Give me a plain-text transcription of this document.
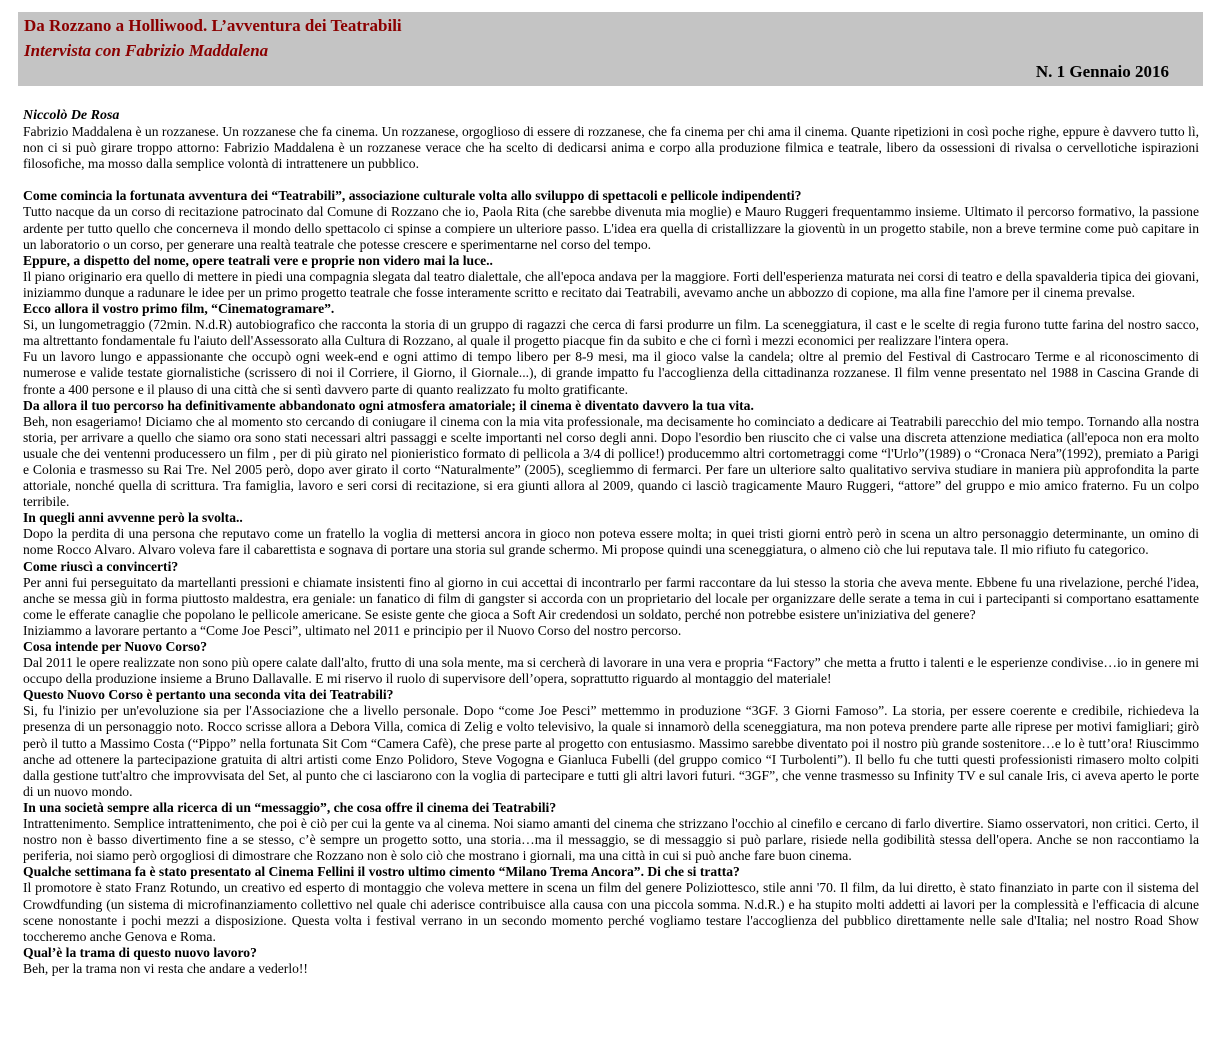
Da Rozzano a Holliwood. L’avventura dei Teatrabili
Intervista con Fabrizio Maddalena
N. 1 Gennaio 2016

Niccolò De Rosa

Fabrizio Maddalena è un rozzanese. Un rozzanese che fa cinema. Un rozzanese, orgoglioso di essere di rozzanese, che fa cinema per chi ama il cinema. Quante ripetizioni in così poche righe, eppure è davvero tutto lì, non ci si può girare troppo attorno: Fabrizio Maddalena è un rozzanese verace che ha scelto di dedicarsi anima e corpo alla produzione filmica e teatrale, libero da ossessioni di rivalsa o cervellotiche ispirazioni filosofiche, ma mosso dalla semplice volontà di intrattenere un pubblico.

Come comincia la fortunata avventura dei “Teatrabili”, associazione culturale volta allo sviluppo di spettacoli e pellicole indipendenti?

Tutto nacque da un corso di recitazione patrocinato dal Comune di Rozzano che io, Paola Rita (che sarebbe divenuta mia moglie) e Mauro Ruggeri frequentammo insieme. Ultimato il percorso formativo, la passione ardente per tutto quello che concerneva il mondo dello spettacolo ci spinse a compiere un ulteriore passo. L'idea era quella di cristallizzare la gioventù in un progetto stabile, non a breve termine come può capitare in un laboratorio o un corso, per generare una realtà teatrale che potesse crescere e sperimentarne nel corso del tempo.

Eppure, a dispetto del nome, opere teatrali vere e proprie non videro mai la luce..

Il piano originario era quello di mettere in piedi una compagnia slegata dal teatro dialettale, che all'epoca andava per la maggiore. Forti dell'esperienza maturata nei corsi di teatro e della spavalderia tipica dei giovani, iniziammo dunque a radunare le idee per un primo progetto teatrale che fosse interamente scritto e recitato dai Teatrabili, avevamo anche un abbozzo di copione, ma alla fine l'amore per il cinema prevalse.

Ecco allora il vostro primo film, “Cinematogramare”.

Si, un lungometraggio (72min. N.d.R) autobiografico che racconta la storia di un gruppo di ragazzi che cerca di farsi produrre un film. La sceneggiatura, il cast e le scelte di regia furono tutte farina del nostro sacco, ma altrettanto fondamentale fu l'aiuto dell'Assessorato alla Cultura di Rozzano, al quale il progetto piacque fin da subito e che ci fornì i mezzi economici per realizzare l'intera opera.

Fu un lavoro lungo e appassionante che occupò ogni week-end e ogni attimo di tempo libero per 8-9 mesi, ma il gioco valse la candela; oltre al premio del Festival di Castrocaro Terme e al riconoscimento di numerose e valide testate giornalistiche (scrissero di noi il Corriere, il Giorno, il Giornale...), di grande impatto fu l'accoglienza della cittadinanza rozzanese. Il film venne presentato nel 1988 in Cascina Grande di fronte a 400 persone e il plauso di una città che si sentì davvero parte di quanto realizzato fu molto gratificante.

Da allora il tuo percorso ha definitivamente abbandonato ogni atmosfera amatoriale; il cinema è diventato davvero la tua vita.

Beh, non esageriamo! Diciamo che al momento sto cercando di coniugare il cinema con la mia vita professionale, ma decisamente ho cominciato a dedicare ai Teatrabili parecchio del mio tempo. Tornando alla nostra storia, per arrivare a quello che siamo ora sono stati necessari altri passaggi e scelte importanti nel corso degli anni. Dopo l'esordio ben riuscito che ci valse una discreta attenzione mediatica (all'epoca non era molto usuale che dei ventenni producessero un film , per di più girato nel pionieristico formato di pellicola a 3/4 di pollice!) producemmo altri cortometraggi come “l'Urlo”(1989) o “Cronaca Nera”(1992), premiato a Parigi e Colonia e trasmesso su Rai Tre. Nel 2005 però, dopo aver girato il corto “Naturalmente” (2005), scegliemmo di fermarci. Per fare un ulteriore salto qualitativo serviva studiare in maniera più approfondita la parte attoriale, nonché quella di scrittura. Tra famiglia, lavoro e seri corsi di recitazione, si era giunti allora al 2009, quando ci lasciò tragicamente Mauro Ruggeri, “attore” del gruppo e mio amico fraterno. Fu un colpo terribile.

In quegli anni avvenne però la svolta..

Dopo la perdita di una persona che reputavo come un fratello la voglia di mettersi ancora in gioco non poteva essere molta; in quei tristi giorni entrò però in scena un altro personaggio determinante, un omino di nome Rocco Alvaro. Alvaro voleva fare il cabarettista e sognava di portare una storia sul grande schermo. Mi propose quindi una sceneggiatura, o almeno ciò che lui reputava tale. Il mio rifiuto fu categorico.

Come riuscì a convincerti?

Per anni fui perseguitato da martellanti pressioni e chiamate insistenti fino al giorno in cui accettai di incontrarlo per farmi raccontare da lui stesso la storia che aveva mente. Ebbene fu una rivelazione, perché l'idea, anche se messa giù in forma piuttosto maldestra, era geniale: un fanatico di film di gangster si accorda con un proprietario del locale per organizzare delle serate a tema in cui i partecipanti si comportano esattamente come le efferate canaglie che popolano le pellicole americane. Se esiste gente che gioca a Soft Air credendosi un soldato, perché non potrebbe esistere un'iniziativa del genere?

Iniziammo a lavorare pertanto a “Come Joe Pesci”, ultimato nel 2011 e principio per il Nuovo Corso del nostro percorso.

Cosa intende per Nuovo Corso?

Dal 2011 le opere realizzate non sono più opere calate dall'alto, frutto di una sola mente, ma si cercherà di lavorare in una vera e propria “Factory” che metta a frutto i talenti e le esperienze condivise…io in genere mi occupo della produzione insieme a Bruno Dallavalle. E mi riservo il ruolo di supervisore dell’opera, soprattutto riguardo al montaggio del materiale!

Questo Nuovo Corso è pertanto una seconda vita dei Teatrabili?

Si, fu l'inizio per un'evoluzione sia per l'Associazione che a livello personale. Dopo “come Joe Pesci” mettemmo in produzione “3GF. 3 Giorni Famoso”. La storia, per essere coerente e credibile, richiedeva la presenza di un personaggio noto. Rocco scrisse allora a Debora Villa, comica di Zelig e volto televisivo, la quale si innamorò della sceneggiatura, ma non poteva prendere parte alle riprese per motivi famigliari; girò però il tutto a Massimo Costa (“Pippo” nella fortunata Sit Com “Camera Cafè), che prese parte al progetto con entusiasmo. Massimo sarebbe diventato poi il nostro più grande sostenitore…e lo è tutt’ora! Riuscimmo anche ad ottenere la partecipazione gratuita di altri artisti come Enzo Polidoro, Steve Vogogna e Gianluca Fubelli (del gruppo comico “I Turbolenti”). Il bello fu che tutti questi professionisti rimasero molto colpiti dalla gestione tutt'altro che improvvisata del Set, al punto che ci lasciarono con la voglia di partecipare e tutti gli altri lavori futuri. “3GF”, che venne trasmesso su Infinity TV e sul canale Iris, ci aveva aperto le porte di un nuovo mondo.

In una società sempre alla ricerca di un “messaggio”, che cosa offre il cinema dei Teatrabili?

Intrattenimento. Semplice intrattenimento, che poi è ciò per cui la gente va al cinema. Noi siamo amanti del cinema che strizzano l'occhio al cinefilo e cercano di farlo divertire. Siamo osservatori, non critici. Certo, il nostro non è basso divertimento fine a se stesso, c’è sempre un progetto sotto, una storia…ma il messaggio, se di messaggio si può parlare, risiede nella godibilità stessa dell'opera. Anche se non raccontiamo la periferia, noi siamo però orgogliosi di dimostrare che Rozzano non è solo ciò che mostrano i giornali, ma una città in cui si può anche fare buon cinema.

Qualche settimana fa è stato presentato al Cinema Fellini il vostro ultimo cimento “Milano Trema Ancora”. Di che si tratta?

Il promotore è stato Franz Rotundo, un creativo ed esperto di montaggio che voleva mettere in scena un film del genere Poliziottesco, stile anni '70. Il film, da lui diretto, è stato finanziato in parte con il sistema del Crowdfunding (un sistema di microfinanziamento collettivo nel quale chi aderisce contribuisce alla causa con una piccola somma. N.d.R.) e ha stupito molti addetti ai lavori per la complessità e l'efficacia di alcune scene nonostante i pochi mezzi a disposizione. Questa volta i festival verrano in un secondo momento perché vogliamo testare l'accoglienza del pubblico direttamente nelle sale d'Italia; nel nostro Road Show toccheremo anche Genova e Roma.

Qual’è la trama di questo nuovo lavoro?

Beh, per la trama non vi resta che andare a vederlo!!
